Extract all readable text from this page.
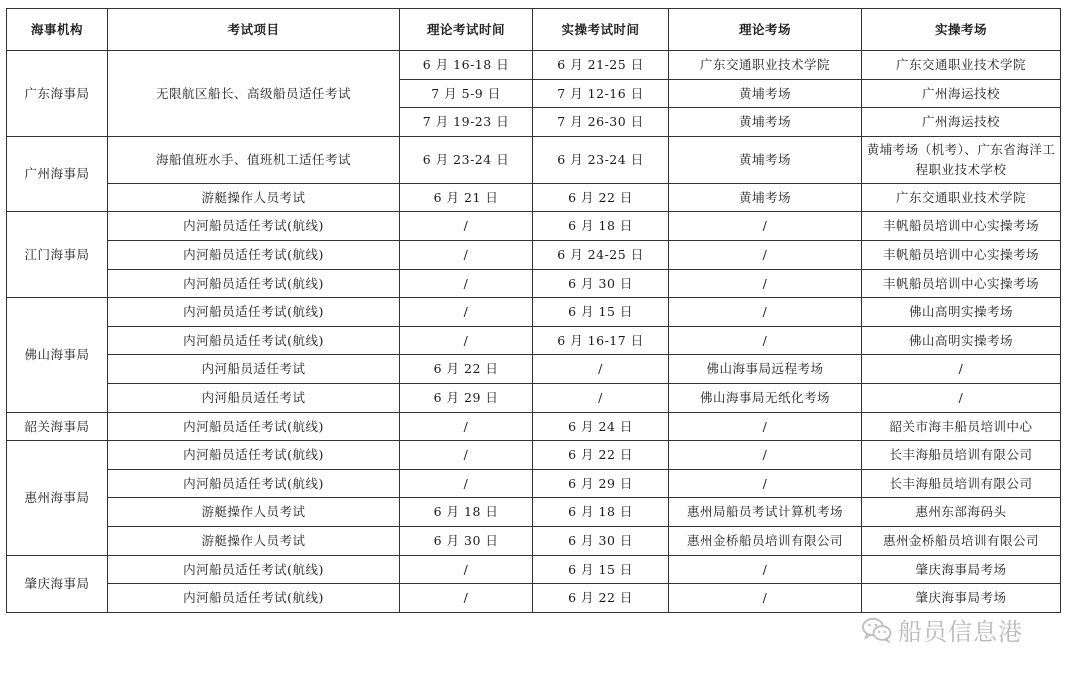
海事机构	考试项目	理论考试时间	实操考试时间	理论考场	实操考场
广东海事局	无限航区船长、高级船员适任考试	6 月 16-18 日	6 月 21-25 日	广东交通职业技术学院	广东交通职业技术学院
		7 月 5-9 日	7 月 12-16 日	黄埔考场	广州海运技校
		7 月 19-23 日	7 月 26-30 日	黄埔考场	广州海运技校
广州海事局	海船值班水手、值班机工适任考试	6 月 23-24 日	6 月 23-24 日	黄埔考场	黄埔考场（机考）、广东省海洋工程职业技术学校
	游艇操作人员考试	6 月 21 日	6 月 22 日	黄埔考场	广东交通职业技术学院
江门海事局	内河船员适任考试(航线)	/	6 月 18 日	/	丰帆船员培训中心实操考场
	内河船员适任考试(航线)	/	6 月 24-25 日	/	丰帆船员培训中心实操考场
	内河船员适任考试(航线)	/	6 月 30 日	/	丰帆船员培训中心实操考场
佛山海事局	内河船员适任考试(航线)	/	6 月 15 日	/	佛山高明实操考场
	内河船员适任考试(航线)	/	6 月 16-17 日	/	佛山高明实操考场
	内河船员适任考试	6 月 22 日	/	佛山海事局远程考场	/
	内河船员适任考试	6 月 29 日	/	佛山海事局无纸化考场	/
韶关海事局	内河船员适任考试(航线)	/	6 月 24 日	/	韶关市海丰船员培训中心
惠州海事局	内河船员适任考试(航线)	/	6 月 22 日	/	长丰海船员培训有限公司
	内河船员适任考试(航线)	/	6 月 29 日	/	长丰海船员培训有限公司
	游艇操作人员考试	6 月 18 日	6 月 18 日	惠州局船员考试计算机考场	惠州东部海码头
	游艇操作人员考试	6 月 30 日	6 月 30 日	惠州金桥船员培训有限公司	惠州金桥船员培训有限公司
肇庆海事局	内河船员适任考试(航线)	/	6 月 15 日	/	肇庆海事局考场
	内河船员适任考试(航线)	/	6 月 22 日	/	肇庆海事局考场
船员信息港
